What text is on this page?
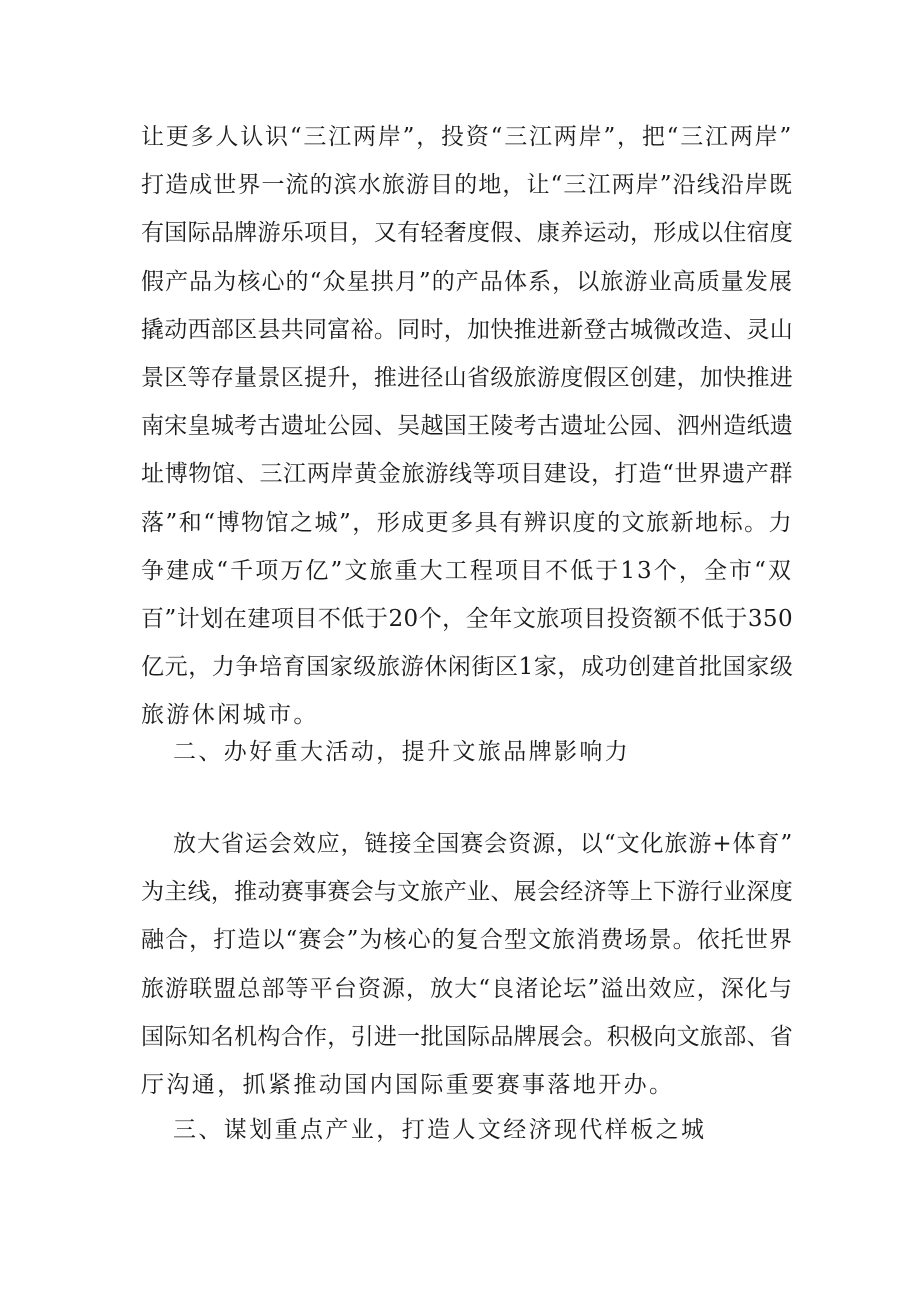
让更多人认识“三江两岸”，投资“三江两岸”，把“三江两岸”
打造成世界一流的滨水旅游目的地，让“三江两岸”沿线沿岸既
有国际品牌游乐项目，又有轻奢度假、康养运动，形成以住宿度
假产品为核心的“众星拱月”的产品体系，以旅游业高质量发展
撬动西部区县共同富裕。同时，加快推进新登古城微改造、灵山
景区等存量景区提升，推进径山省级旅游度假区创建，加快推进
南宋皇城考古遗址公园、吴越国王陵考古遗址公园、泗州造纸遗
址博物馆、三江两岸黄金旅游线等项目建设，打造“世界遗产群
落”和“博物馆之城”，形成更多具有辨识度的文旅新地标。力
争建成“千项万亿”文旅重大工程项目不低于13个，全市“双
百”计划在建项目不低于20个，全年文旅项目投资额不低于350
亿元，力争培育国家级旅游休闲街区1家，成功创建首批国家级
旅游休闲城市。
二、办好重大活动，提升文旅品牌影响力
放大省运会效应，链接全国赛会资源，以“文化旅游+体育”
为主线，推动赛事赛会与文旅产业、展会经济等上下游行业深度
融合，打造以“赛会”为核心的复合型文旅消费场景。依托世界
旅游联盟总部等平台资源，放大“良渚论坛”溢出效应，深化与
国际知名机构合作，引进一批国际品牌展会。积极向文旅部、省
厅沟通，抓紧推动国内国际重要赛事落地开办。
三、谋划重点产业，打造人文经济现代样板之城
